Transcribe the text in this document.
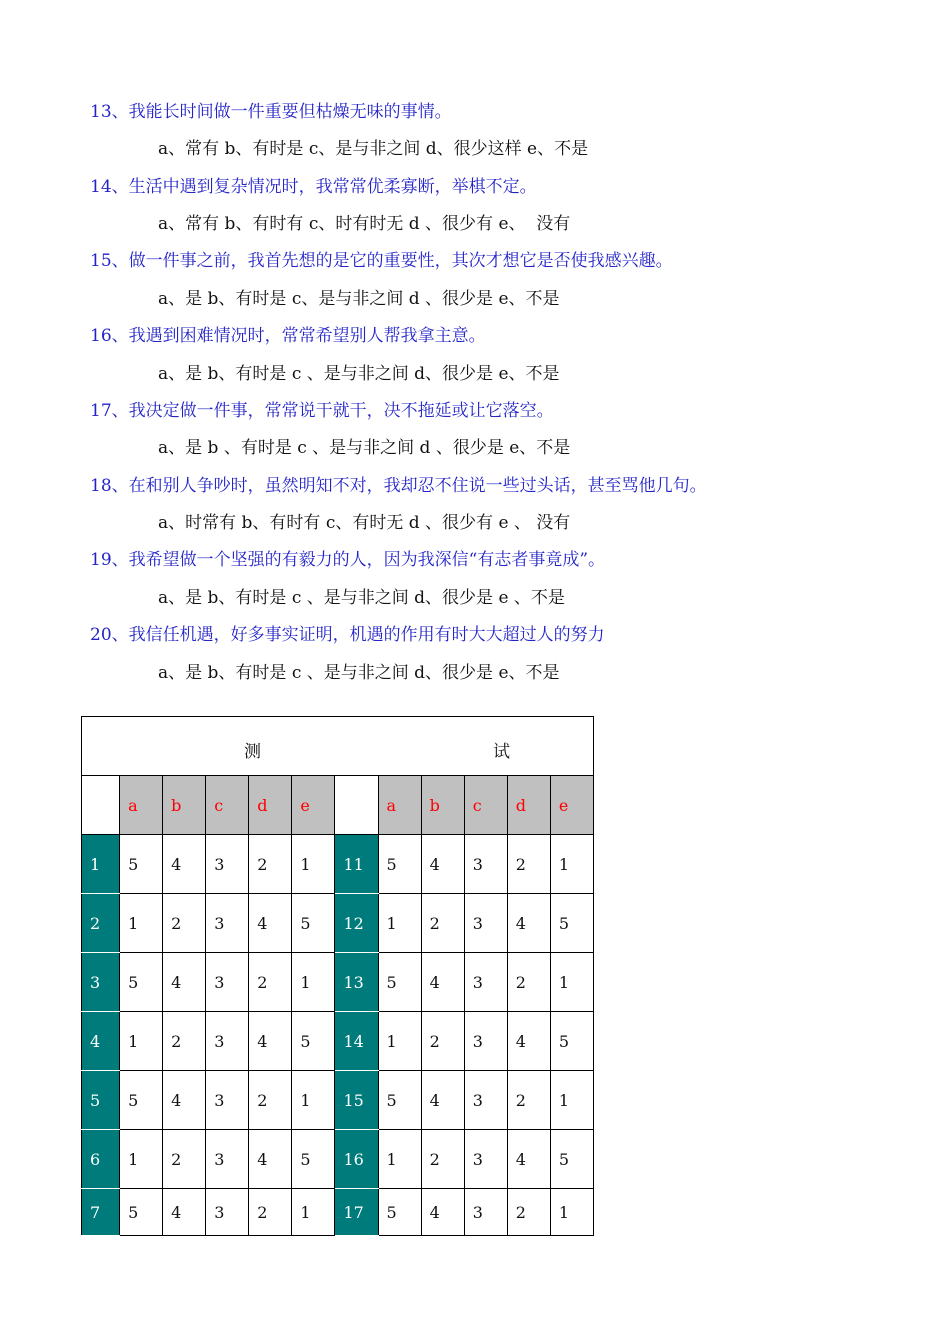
13、我能长时间做一件重要但枯燥无味的事情。
a、常有 b、有时是 c、是与非之间 d、很少这样 e、不是
14、生活中遇到复杂情况时，我常常优柔寡断，举棋不定。
a、常有 b、有时有 c、时有时无 d 、很少有 e、  没有
15、做一件事之前，我首先想的是它的重要性，其次才想它是否使我感兴趣。
a、是 b、有时是 c、是与非之间 d 、很少是 e、不是
16、我遇到困难情况时，常常希望别人帮我拿主意。
a、是 b、有时是 c 、是与非之间 d、很少是 e、不是
17、我决定做一件事，常常说干就干，决不拖延或让它落空。
a、是 b 、有时是 c 、是与非之间 d 、很少是 e、不是
18、在和别人争吵时，虽然明知不对，我却忍不住说一些过头话，甚至骂他几句。
a、时常有 b、有时有 c、有时无 d 、很少有 e 、 没有
19、我希望做一个坚强的有毅力的人，因为我深信“有志者事竟成”。
a、是 b、有时是 c 、是与非之间 d、很少是 e 、不是
20、我信任机遇，好多事实证明，机遇的作用有时大大超过人的努力
a、是 b、有时是 c 、是与非之间 d、很少是 e、不是
测 试											

	a	b	c	d	e		a	b	c	d	e
1	5	4	3	2	1	11	5	4	3	2	1
2	1	2	3	4	5	12	1	2	3	4	5
3	5	4	3	2	1	13	5	4	3	2	1
4	1	2	3	4	5	14	1	2	3	4	5
5	5	4	3	2	1	15	5	4	3	2	1
6	1	2	3	4	5	16	1	2	3	4	5
7	5	4	3	2	1	17	5	4	3	2	1
